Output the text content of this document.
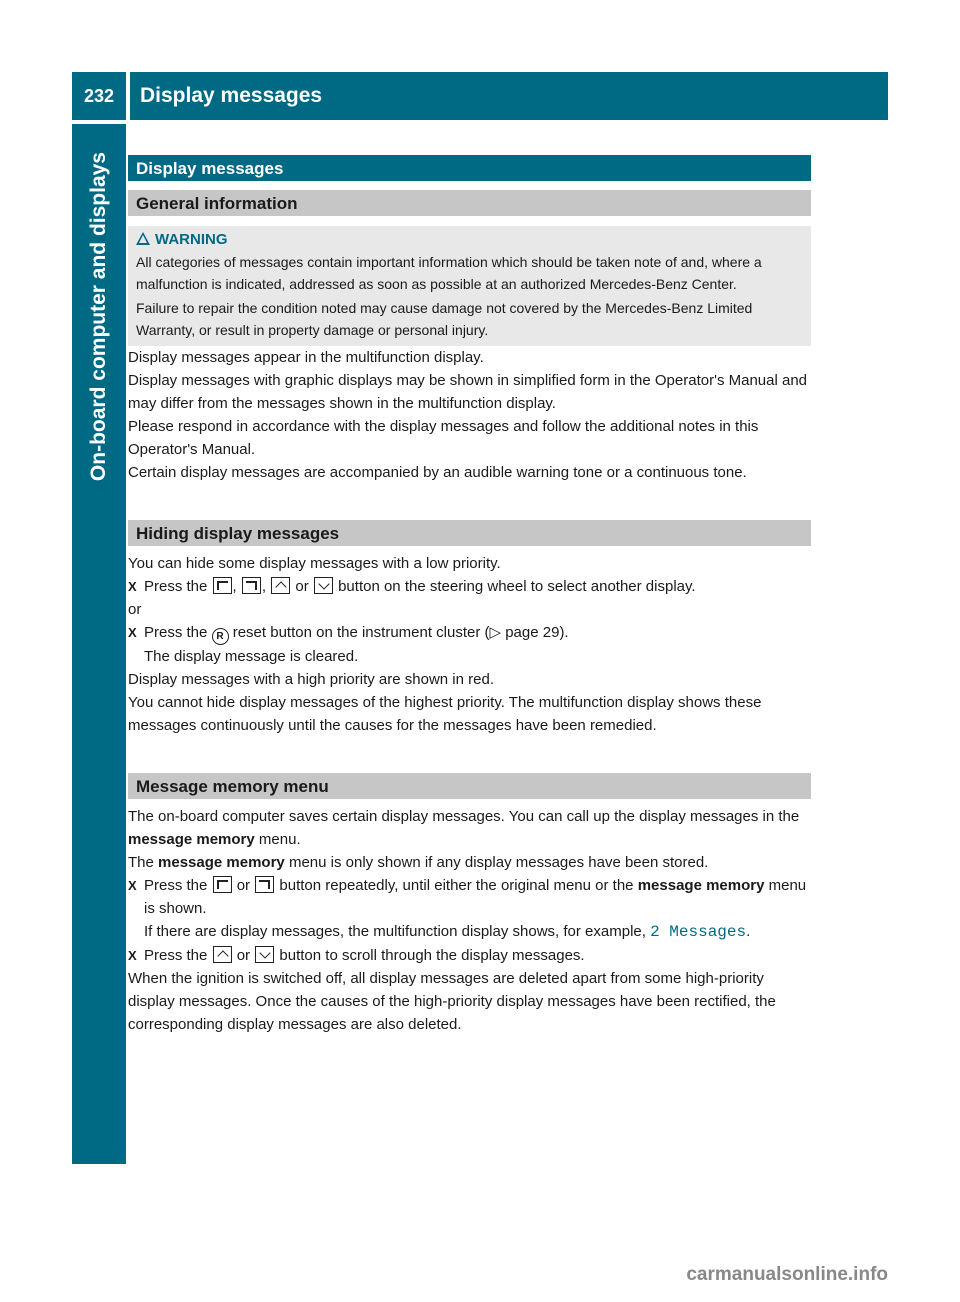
232	Display messages
On-board computer and displays	Display messages
General information
WARNING

All categories of messages contain important information which should be taken note of and, where a malfunction is indicated, addressed as soon as possible at an authorized Mercedes-Benz Center.

Failure to repair the condition noted may cause damage not covered by the Mercedes-Benz Limited Warranty, or result in property damage or personal injury.

Display messages appear in the multifunction display.

Display messages with graphic displays may be shown in simplified form in the Operator's Manual and may differ from the messages shown in the multifunction display.

Please respond in accordance with the display messages and follow the additional notes in this Operator's Manual.

Certain display messages are accompanied by an audible warning tone or a continuous tone.

Hiding display messages

You can hide some display messages with a low priority.

X Press the , , or button on the steering wheel to select another display.

or

X Press the R reset button on the instrument cluster (▷ page 29).
The display message is cleared.

Display messages with a high priority are shown in red.

You cannot hide display messages of the highest priority. The multifunction display shows these messages continuously until the causes for the messages have been remedied.

Message memory menu

The on-board computer saves certain display messages. You can call up the display messages in the message memory menu.

The message memory menu is only shown if any display messages have been stored.

X Press the or button repeatedly, until either the original menu or the message memory menu is shown.
If there are display messages, the multifunction display shows, for example, 2 Messages.

X Press the or button to scroll through the display messages.

When the ignition is switched off, all display messages are deleted apart from some high-priority display messages. Once the causes of the high-priority display messages have been rectified, the corresponding display messages are also deleted.

carmanualsonline.info
